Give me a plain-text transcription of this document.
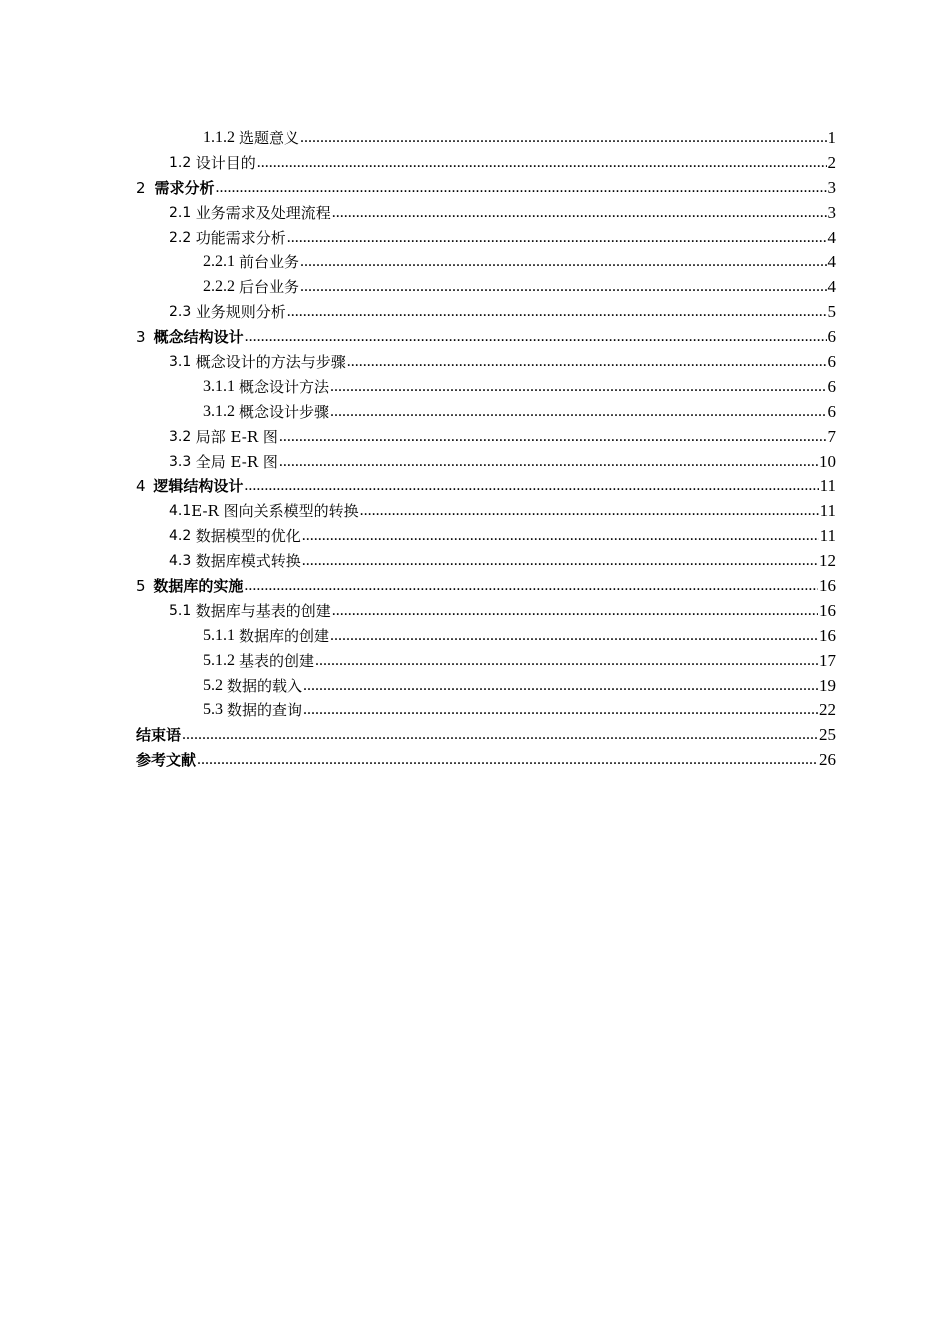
1.1.2 选题意义 .....	1
1.2 设计目的 .....	2
2 需求分析 .....	3
2.1 业务需求及处理流程 .....	3
2.2 功能需求分析 .....	4
2.2.1 前台业务 .....	4
2.2.2 后台业务 .....	4
2.3 业务规则分析 .....	5
3 概念结构设计 .....	6
3.1 概念设计的方法与步骤 .....	6
3.1.1 概念设计方法 .....	6
3.1.2 概念设计步骤 .....	6
3.2 局部 E-R 图 .....	7
3.3 全局 E-R 图 .....	10
4 逻辑结构设计 .....	11
4.1 E-R 图向关系模型的转换 .....	11
4.2 数据模型的优化 .....	11
4.3 数据库模式转换 .....	12
5 数据库的实施 .....	16
5.1 数据库与基表的创建 .....	16
5.1.1 数据库的创建 .....	16
5.1.2 基表的创建 .....	17
5.2 数据的载入 .....	19
5.3 数据的查询 .....	22
结束语 .....	25
参考文献 .....	26
